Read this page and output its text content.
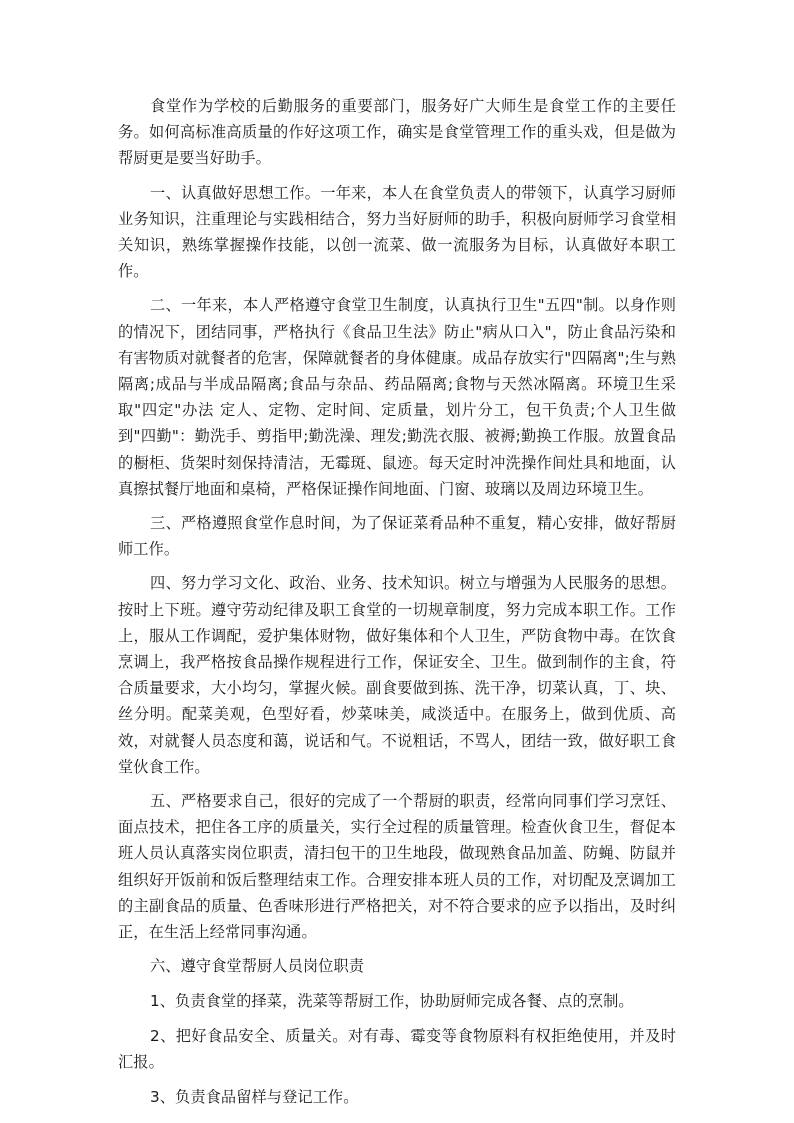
食堂作为学校的后勤服务的重要部门，服务好广大师生是食堂工作的主要任务。如何高标准高质量的作好这项工作，确实是食堂管理工作的重头戏，但是做为帮厨更是要当好助手。

一、认真做好思想工作。一年来，本人在食堂负责人的带领下，认真学习厨师业务知识，注重理论与实践相结合，努力当好厨师的助手，积极向厨师学习食堂相关知识，熟练掌握操作技能，以创一流菜、做一流服务为目标，认真做好本职工作。

二、一年来，本人严格遵守食堂卫生制度，认真执行卫生"五四"制。以身作则的情况下，团结同事，严格执行《食品卫生法》防止"病从口入"，防止食品污染和有害物质对就餐者的危害，保障就餐者的身体健康。成品存放实行"四隔离";生与熟隔离;成品与半成品隔离;食品与杂品、药品隔离;食物与天然冰隔离。环境卫生采取"四定"办法 定人、定物、定时间、定质量，划片分工，包干负责;个人卫生做到"四勤"：勤洗手、剪指甲;勤洗澡、理发;勤洗衣服、被褥;勤换工作服。放置食品的橱柜、货架时刻保持清洁，无霉斑、鼠迹。每天定时冲洗操作间灶具和地面，认真擦拭餐厅地面和桌椅，严格保证操作间地面、门窗、玻璃以及周边环境卫生。

三、严格遵照食堂作息时间，为了保证菜肴品种不重复，精心安排，做好帮厨师工作。

四、努力学习文化、政治、业务、技术知识。树立与增强为人民服务的思想。按时上下班。遵守劳动纪律及职工食堂的一切规章制度，努力完成本职工作。工作上，服从工作调配，爱护集体财物，做好集体和个人卫生，严防食物中毒。在饮食烹调上，我严格按食品操作规程进行工作，保证安全、卫生。做到制作的主食，符合质量要求，大小均匀，掌握火候。副食要做到拣、洗干净，切菜认真，丁、块、丝分明。配菜美观，色型好看，炒菜味美，咸淡适中。在服务上，做到优质、高效，对就餐人员态度和蔼，说话和气。不说粗话，不骂人，团结一致，做好职工食堂伙食工作。

五、严格要求自己，很好的完成了一个帮厨的职责，经常向同事们学习烹饪、面点技术，把住各工序的质量关，实行全过程的质量管理。检查伙食卫生，督促本班人员认真落实岗位职责，清扫包干的卫生地段，做现熟食品加盖、防蝇、防鼠并组织好开饭前和饭后整理结束工作。合理安排本班人员的工作，对切配及烹调加工的主副食品的质量、色香味形进行严格把关，对不符合要求的应予以指出，及时纠正，在生活上经常同事沟通。

六、遵守食堂帮厨人员岗位职责

1、负责食堂的择菜，洗菜等帮厨工作，协助厨师完成各餐、点的烹制。

2、把好食品安全、质量关。对有毒、霉变等食物原料有权拒绝使用，并及时汇报。

3、负责食品留样与登记工作。
